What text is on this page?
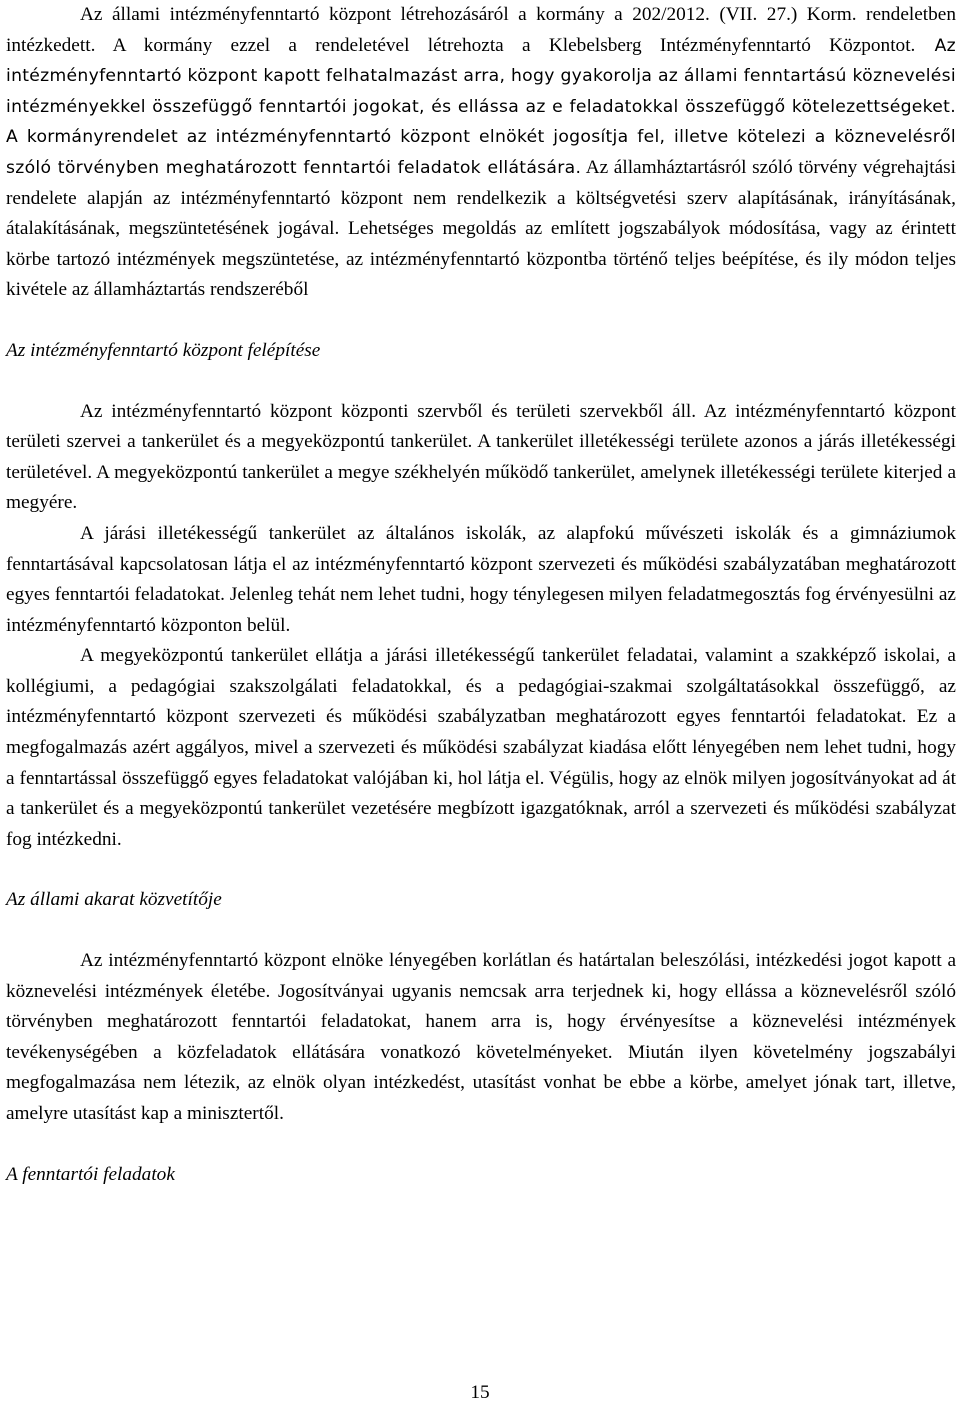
Az állami intézményfenntartó központ létrehozásáról a kormány a 202/2012. (VII. 27.) Korm. rendeletben intézkedett. A kormány ezzel a rendeletével létrehozta a Klebelsberg Intézményfenntartó Központot. Az intézményfenntartó központ kapott felhatalmazást arra, hogy gyakorolja az állami fenntartású köznevelési intézményekkel összefüggő fenntartói jogokat, és ellássa az e feladatokkal összefüggő kötelezettségeket. A kormányrendelet az intézményfenntartó központ elnökét jogosítja fel, illetve kötelezi a köznevelésről szóló törvényben meghatározott fenntartói feladatok ellátására. Az államháztartásról szóló törvény végrehajtási rendelete alapján az intézményfenntartó központ nem rendelkezik a költségvetési szerv alapításának, irányításának, átalakításának, megszüntetésének jogával. Lehetséges megoldás az említett jogszabályok módosítása, vagy az érintett körbe tartozó intézmények megszüntetése, az intézményfenntartó központba történő teljes beépítése, és ily módon teljes kivétele az államháztartás rendszeréből

Az intézményfenntartó központ felépítése

Az intézményfenntartó központ központi szervből és területi szervekből áll. Az intézményfenntartó központ területi szervei a tankerület és a megyeközpontú tankerület. A tankerület illetékességi területe azonos a járás illetékességi területével. A megyeközpontú tankerület a megye székhelyén működő tankerület, amelynek illetékességi területe kiterjed a megyére.

A járási illetékességű tankerület az általános iskolák, az alapfokú művészeti iskolák és a gimnáziumok fenntartásával kapcsolatosan látja el az intézményfenntartó központ szervezeti és működési szabályzatában meghatározott egyes fenntartói feladatokat. Jelenleg tehát nem lehet tudni, hogy ténylegesen milyen feladatmegosztás fog érvényesülni az intézményfenntartó központon belül.

A megyeközpontú tankerület ellátja a járási illetékességű tankerület feladatai, valamint a szakképző iskolai, a kollégiumi, a pedagógiai szakszolgálati feladatokkal, és a pedagógiai-szakmai szolgáltatásokkal összefüggő, az intézményfenntartó központ szervezeti és működési szabályzatban meghatározott egyes fenntartói feladatokat. Ez a megfogalmazás azért aggályos, mivel a szervezeti és működési szabályzat kiadása előtt lényegében nem lehet tudni, hogy a fenntartással összefüggő egyes feladatokat valójában ki, hol látja el. Végülis, hogy az elnök milyen jogosítványokat ad át a tankerület és a megyeközpontú tankerület vezetésére megbízott igazgatóknak, arról a szervezeti és működési szabályzat fog intézkedni.

Az állami akarat közvetítője

Az intézményfenntartó központ elnöke lényegében korlátlan és határtalan beleszólási, intézkedési jogot kapott a köznevelési intézmények életébe. Jogosítványai ugyanis nemcsak arra terjednek ki, hogy ellássa a köznevelésről szóló törvényben meghatározott fenntartói feladatokat, hanem arra is, hogy érvényesítse a köznevelési intézmények tevékenységében a közfeladatok ellátására vonatkozó követelményeket. Miután ilyen követelmény jogszabályi megfogalmazása nem létezik, az elnök olyan intézkedést, utasítást vonhat be ebbe a körbe, amelyet jónak tart, illetve, amelyre utasítást kap a minisztertől.

A fenntartói feladatok

15
